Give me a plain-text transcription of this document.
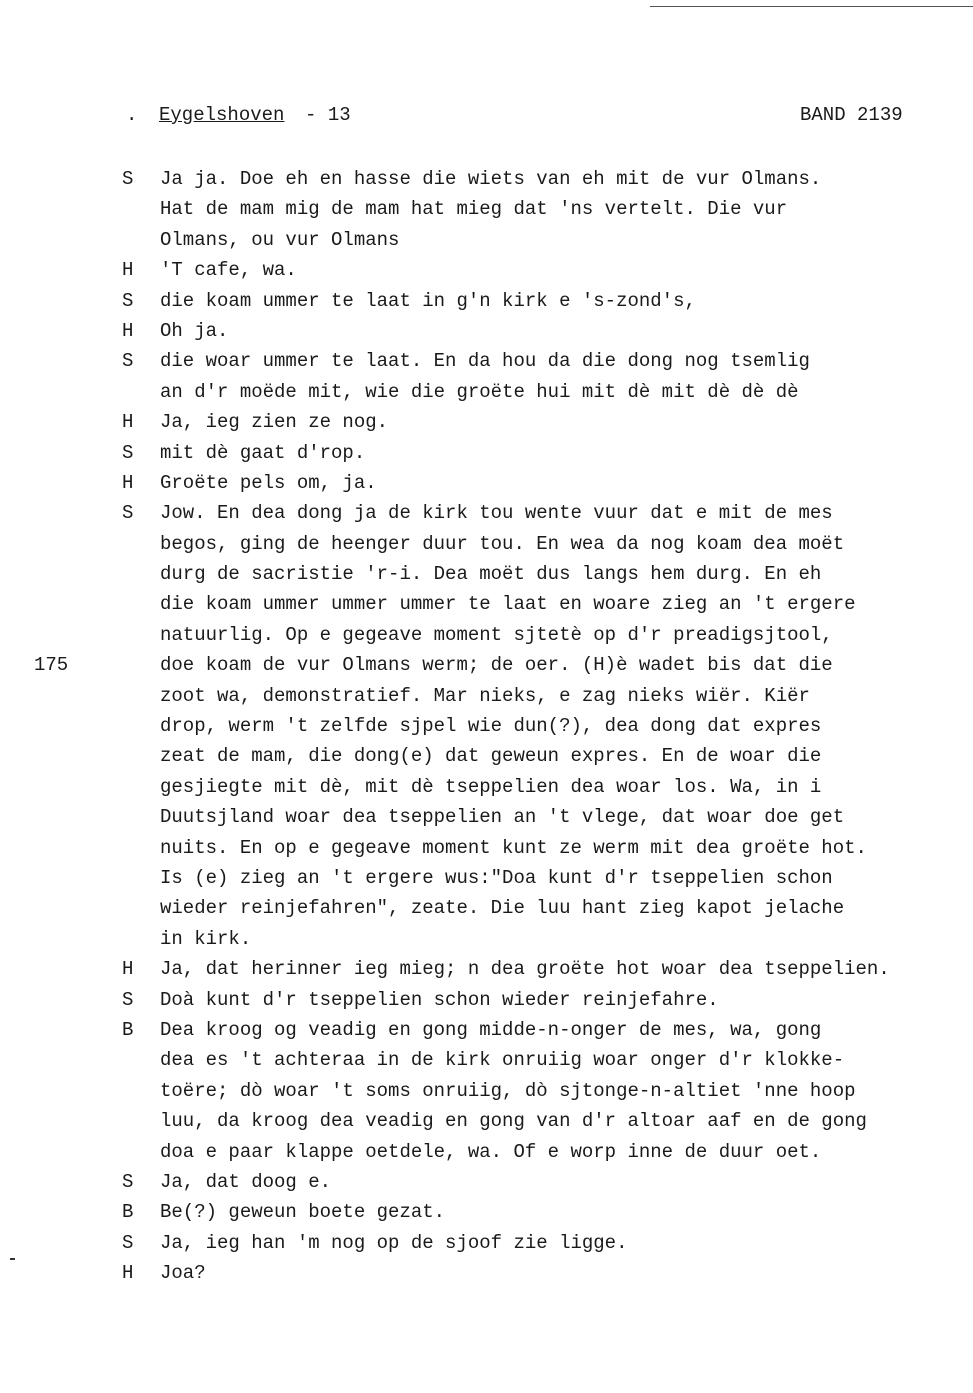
. Eygelshoven - 13	BAND 2139
S Ja ja. Doe eh en hasse die wiets van eh mit de vur Olmans.
Hat de mam mig de mam hat mieg dat 'ns vertelt. Die vur
Olmans, ou vur Olmans
H 'T cafe, wa.
S die koam ummer te laat in g'n kirk e 's-zond's,
H Oh ja.
S die woar ummer te laat. En da hou da die dong nog tsemlig
an d'r moëde mit, wie die groëte hui mit dè mit dè dè dè
H Ja, ieg zien ze nog.
S mit dè gaat d'rop.
H Groëte pels om, ja.
S Jow. En dea dong ja de kirk tou wente vuur dat e mit de mes
begos, ging de heenger duur tou. En wea da nog koam dea moët
durg de sacristie 'r-i. Dea moët dus langs hem durg. En eh
die koam ummer ummer ummer te laat en woare zieg an 't ergere
natuurlig. Op e gegeave moment sjtetè op d'r preadigsjtool,
175	doe koam de vur Olmans werm; de oer. (H)è wadet bis dat die
zoot wa, demonstratief. Mar nieks, e zag nieks wiër. Kiër
drop, werm 't zelfde sjpel wie dun(?), dea dong dat expres
zeat de mam, die dong(e) dat geweun expres. En de woar die
gesjiegte mit dè, mit dè tseppelien dea woar los. Wa, in i
Duutsjland woar dea tseppelien an 't vlege, dat woar doe get
nuits. En op e gegeave moment kunt ze werm mit dea groëte hot.
Is (e) zieg an 't ergere wus:"Doa kunt d'r tseppelien schon
wieder reinjefahren", zeate. Die luu hant zieg kapot jelache
in kirk.
H Ja, dat herinner ieg mieg; n dea groëte hot woar dea tseppelien.
S Doà kunt d'r tseppelien schon wieder reinjefahre.
B Dea kroog og veadig en gong midde-n-onger de mes, wa, gong
dea es 't achteraa in de kirk onruiig woar onger d'r klokke-
toëre; dò woar 't soms onruiig, dò sjtonge-n-altiet 'nne hoop
luu, da kroog dea veadig en gong van d'r altoar aaf en de gong
doa e paar klappe oetdele, wa. Of e worp inne de duur oet.
S Ja, dat doog e.
B Be(?) geweun boete gezat.
S Ja, ieg han 'm nog op de sjoof zie ligge.
H Joa?
